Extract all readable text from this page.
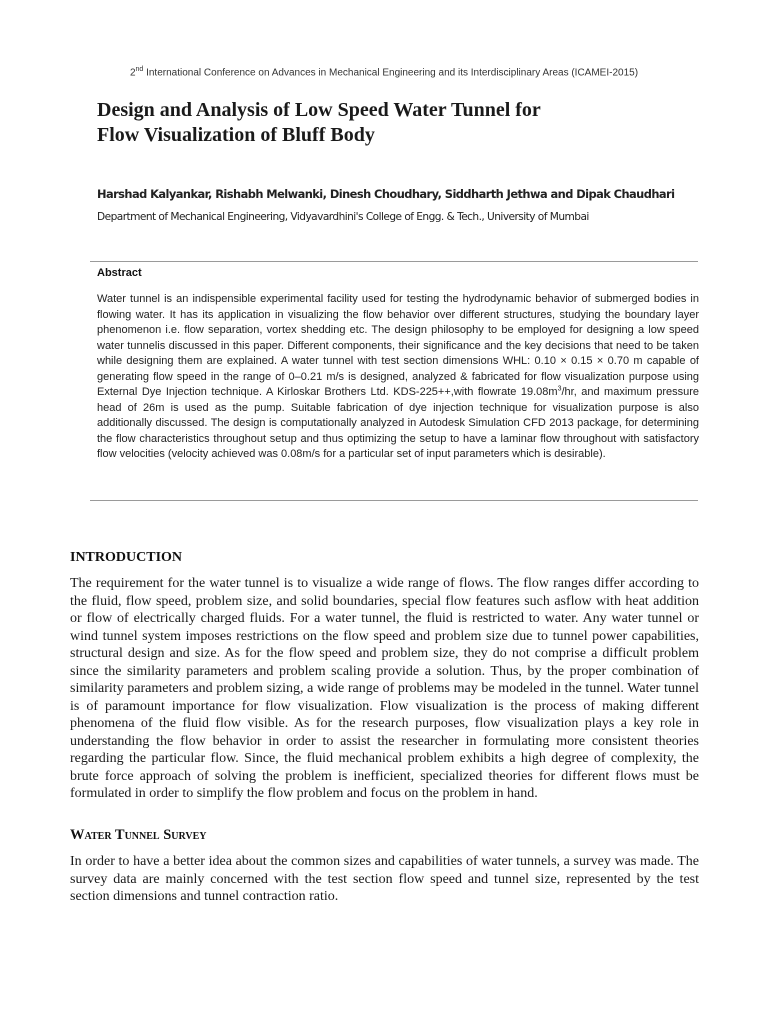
2nd International Conference on Advances in Mechanical Engineering and its Interdisciplinary Areas (ICAMEI-2015)
Design and Analysis of Low Speed Water Tunnel for
Flow Visualization of Bluff Body
Harshad Kalyankar, Rishabh Melwanki, Dinesh Choudhary, Siddharth Jethwa and Dipak Chaudhari
Department of Mechanical Engineering, Vidyavardhini's College of Engg. & Tech., University of Mumbai
Abstract

Water tunnel is an indispensible experimental facility used for testing the hydrodynamic behavior of submerged bodies in flowing water. It has its application in visualizing the flow behavior over different structures, studying the boundary layer phenomenon i.e. flow separation, vortex shedding etc. The design philosophy to be employed for designing a low speed water tunnelis discussed in this paper. Different components, their significance and the key decisions that need to be taken while designing them are explained. A water tunnel with test section dimensions WHL: 0.10 × 0.15 × 0.70 m capable of generating flow speed in the range of 0–0.21 m/s is designed, analyzed & fabricated for flow visualization purpose using External Dye Injection technique. A Kirloskar Brothers Ltd. KDS-225++,with flowrate $19.08m^3/hr$, and maximum pressure head of 26m is used as the pump. Suitable fabrication of dye injection technique for visualization purpose is also additionally discussed. The design is computationally analyzed in Autodesk Simulation CFD 2013 package, for determining the flow characteristics throughout setup and thus optimizing the setup to have a laminar flow throughout with satisfactory flow velocities (velocity achieved was 0.08m/s for a particular set of input parameters which is desirable).

INTRODUCTION

The requirement for the water tunnel is to visualize a wide range of flows. The flow ranges differ according to the fluid, flow speed, problem size, and solid boundaries, special flow features such asflow with heat addition or flow of electrically charged fluids. For a water tunnel, the fluid is restricted to water. Any water tunnel or wind tunnel system imposes restrictions on the flow speed and problem size due to tunnel power capabilities, structural design and size. As for the flow speed and problem size, they do not comprise a difficult problem since the similarity parameters and problem scaling provide a solution. Thus, by the proper combination of similarity parameters and problem sizing, a wide range of problems may be modeled in the tunnel. Water tunnel is of paramount importance for flow visualization. Flow visualization is the process of making different phenomena of the fluid flow visible. As for the research purposes, flow visualization plays a key role in understanding the flow behavior in order to assist the researcher in formulating more consistent theories regarding the particular flow. Since, the fluid mechanical problem exhibits a high degree of complexity, the brute force approach of solving the problem is inefficient, specialized theories for different flows must be formulated in order to simplify the flow problem and focus on the problem in hand.

Water Tunnel Survey

In order to have a better idea about the common sizes and capabilities of water tunnels, a survey was made. The survey data are mainly concerned with the test section flow speed and tunnel size, represented by the test section dimensions and tunnel contraction ratio.
